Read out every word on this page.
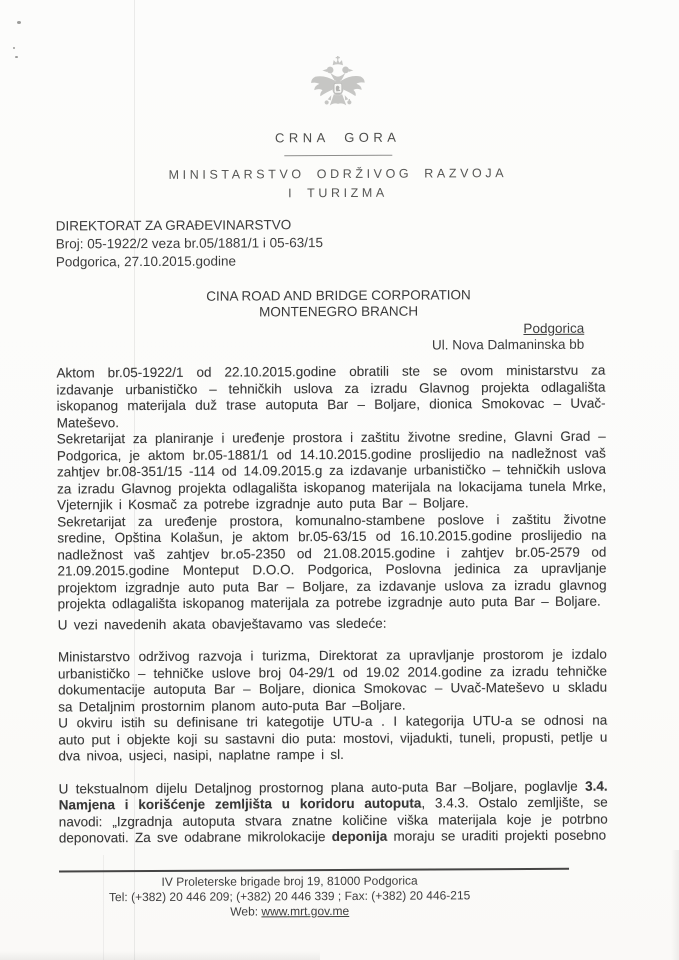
CRNA GORA
MINISTARSTVO ODRŽIVOG RAZVOJA
I TURIZMA
DIREKTORAT ZA GRAĐEVINARSTVO
Broj: 05-1922/2 veza br.05/1881/1 i 05-63/15
Podgorica, 27.10.2015.godine
CINA ROAD AND BRIDGE CORPORATION
MONTENEGRO BRANCH
Podgorica
Ul. Nova Dalmaninska bb

Aktom br.05-1922/1 od 22.10.2015.godine obratili ste se ovom ministarstvu za izdavanje urbanističko – tehničkih uslova za izradu Glavnog projekta odlagališta iskopanog materijala duž trase autoputa Bar – Boljare, dionica Smokovac – Uvač-Mateševo.

Sekretarijat za planiranje i uređenje prostora i zaštitu životne sredine, Glavni Grad – Podgorica, je aktom br.05-1881/1 od 14.10.2015.godine proslijedio na nadležnost vaš zahtjev br.08-351/15 -114 od 14.09.2015.g za izdavanje urbanističko – tehničkih uslova za izradu Glavnog projekta odlagališta iskopanog materijala na lokacijama tunela Mrke, Vjeternjik i Kosmač za potrebe izgradnje auto puta Bar – Boljare.

Sekretarijat za uređenje prostora, komunalno-stambene poslove i zaštitu životne sredine, Opština Kolašun, je aktom br.05-63/15 od 16.10.2015.godine proslijedio na nadležnost vaš zahtjev br.o5-2350 od 21.08.2015.godine i zahtjev br.05-2579 od 21.09.2015.godine Monteput D.O.O. Podgorica, Poslovna jedinica za upravljanje projektom izgradnje auto puta Bar – Boljare, za izdavanje uslova za izradu glavnog projekta odlagališta iskopanog materijala za potrebe izgradnje auto puta Bar – Boljare.

U vezi navedenih akata obavještavamo vas sledeće:

Ministarstvo održivog razvoja i turizma, Direktorat za upravljanje prostorom je izdalo urbanističko – tehničke uslove broj 04-29/1 od 19.02 2014.godine za izradu tehničke dokumentacije autoputa Bar – Boljare, dionica Smokovac – Uvač-Mateševo u skladu sa Detaljnim prostornim planom auto-puta Bar –Boljare.

U okviru istih su definisane tri kategotije UTU-a . I kategorija UTU-a se odnosi na auto put i objekte koji su sastavni dio puta: mostovi, vijadukti, tuneli, propusti, petlje u dva nivoa, usjeci, nasipi, naplatne rampe i sl.

U tekstualnom dijelu Detaljnog prostornog plana auto-puta Bar –Boljare, poglavlje 3.4. Namjena i korišćenje zemljišta u koridoru autoputa, 3.4.3. Ostalo zemljište, se navodi: „Izgradnja autoputa stvara znatne količine viška materijala koje je potrbno deponovati. Za sve odabrane mikrolokacije deponija moraju se uraditi projekti posebno

IV Proleterske brigade broj 19, 81000 Podgorica
Tel: (+382) 20 446 209; (+382) 20 446 339 ; Fax: (+382) 20 446-215
Web: www.mrt.gov.me
